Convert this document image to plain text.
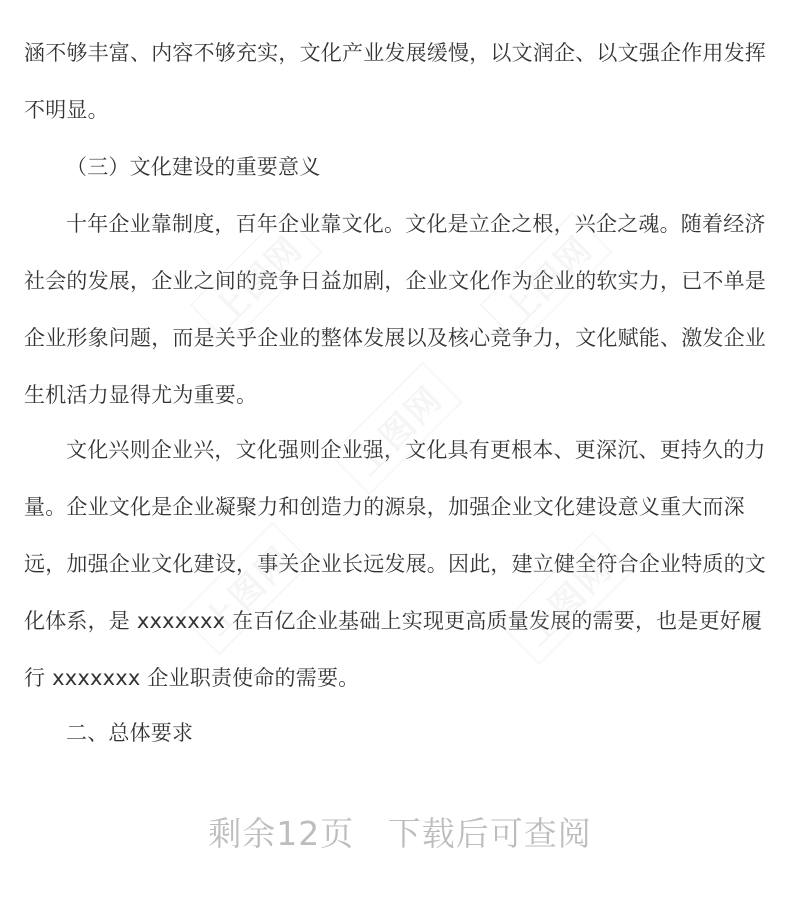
涵不够丰富、内容不够充实，文化产业发展缓慢，以文润企、以文强企作用发挥不明显。

（三）文化建设的重要意义

十年企业靠制度，百年企业靠文化。文化是立企之根，兴企之魂。随着经济社会的发展，企业之间的竞争日益加剧，企业文化作为企业的软实力，已不单是企业形象问题，而是关乎企业的整体发展以及核心竞争力，文化赋能、激发企业生机活力显得尤为重要。

文化兴则企业兴，文化强则企业强，文化具有更根本、更深沉、更持久的力量。企业文化是企业凝聚力和创造力的源泉，加强企业文化建设意义重大而深远，加强企业文化建设，事关企业长远发展。因此，建立健全符合企业特质的文化体系，是 xxxxxxx 在百亿企业基础上实现更高质量发展的需要，也是更好履行 xxxxxxx 企业职责使命的需要。

二、总体要求

上图网	上图网
上图网
上图网	上图网
剩余12页 下载后可查阅
